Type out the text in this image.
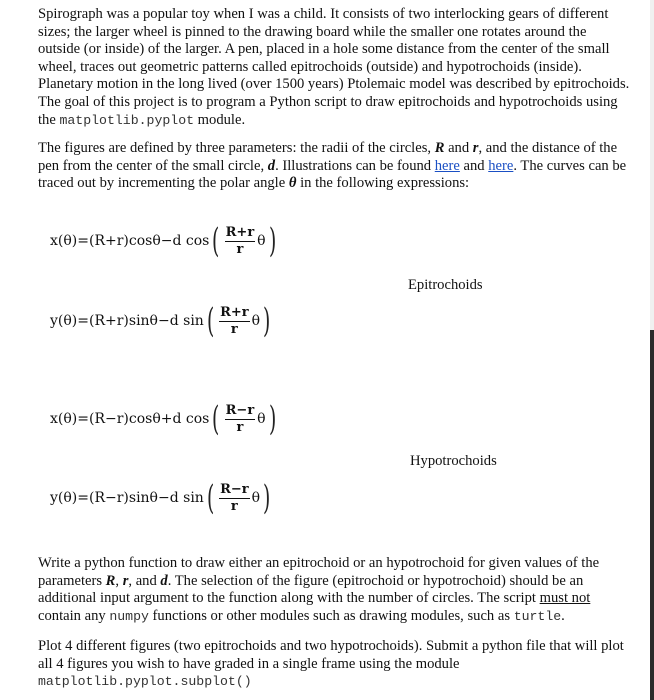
Spirograph was a popular toy when I was a child. It consists of two interlocking gears of different sizes; the larger wheel is pinned to the drawing board while the smaller one rotates around the outside (or inside) of the larger. A pen, placed in a hole some distance from the center of the small wheel, traces out geometric patterns called epitrochoids (outside) and hypotrochoids (inside). Planetary motion in the long lived (over 1500 years) Ptolemaic model was described by epitrochoids. The goal of this project is to program a Python script to draw epitrochoids and hypotrochoids using the matplotlib.pyplot module.

The figures are defined by three parameters: the radii of the circles, R and r, and the distance of the pen from the center of the small circle, d. Illustrations can be found here and here. The curves can be traced out by incrementing the polar angle θ in the following expressions:

x(θ)=(R+r)cosθ−d cos ( $\frac{R+r}{r}$ θ )
Epitrochoids
y(θ)=(R+r)sinθ−d sin ( $\frac{R+r}{r}$ θ )
x(θ)=(R−r)cosθ+d cos ( $\frac{R-r}{r}$ θ )
Hypotrochoids
y(θ)=(R−r)sinθ−d sin ( $\frac{R-r}{r}$ θ )

Write a python function to draw either an epitrochoid or an hypotrochoid for given values of the parameters R, r, and d. The selection of the figure (epitrochoid or hypotrochoid) should be an additional input argument to the function along with the number of circles. The script must not contain any numpy functions or other modules such as drawing modules, such as turtle.

Plot 4 different figures (two epitrochoids and two hypotrochoids). Submit a python file that will plot all 4 figures you wish to have graded in a single frame using the module matplotlib.pyplot.subplot()
